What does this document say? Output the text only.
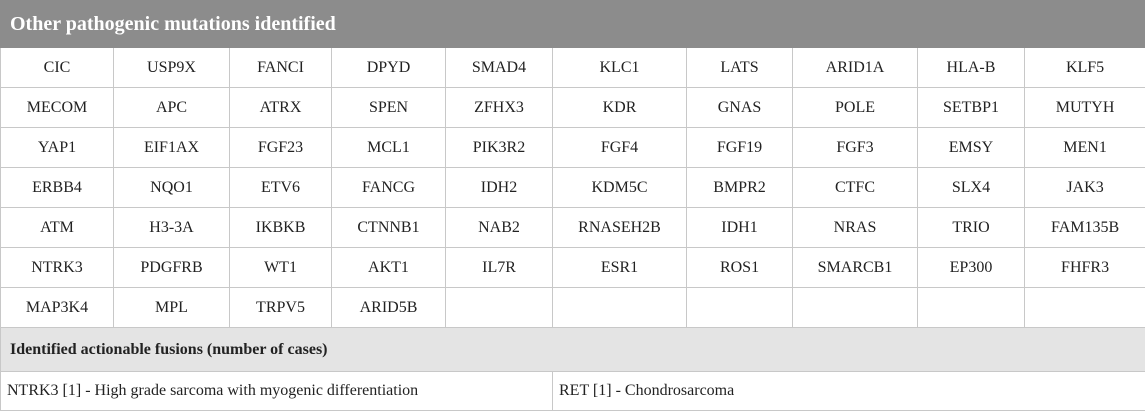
Other pathogenic mutations identified									
CIC	USP9X	FANCI	DPYD	SMAD4	KLC1	LATS	ARID1A	HLA-B	KLF5
MECOM	APC	ATRX	SPEN	ZFHX3	KDR	GNAS	POLE	SETBP1	MUTYH
YAP1	EIF1AX	FGF23	MCL1	PIK3R2	FGF4	FGF19	FGF3	EMSY	MEN1
ERBB4	NQO1	ETV6	FANCG	IDH2	KDM5C	BMPR2	CTFC	SLX4	JAK3
ATM	H3-3A	IKBKB	CTNNB1	NAB2	RNASEH2B	IDH1	NRAS	TRIO	FAM135B
NTRK3	PDGFRB	WT1	AKT1	IL7R	ESR1	ROS1	SMARCB1	EP300	FHFR3
MAP3K4	MPL	TRPV5	ARID5B						
Identified actionable fusions (number of cases)									
NTRK3 [1] - High grade sarcoma with myogenic differentiation					RET [1] - Chondrosarcoma				
